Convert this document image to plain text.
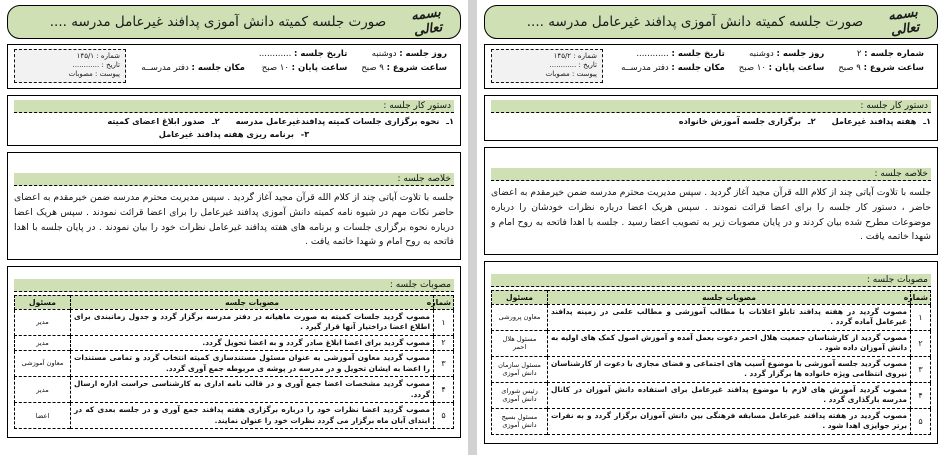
بسمه تعالی
صورت جلسه کمیته دانش آموزی پدافند غیرعامل مدرسه ....
شماره جلسه : ۲
ساعت شروع : ۹ صبح
روز جلسه : دوشنبه
ساعت پایان : ۱۰ صبح
تاریخ جلسه : ............
مکان جلسه : دفتر مدرســه
شماره : ۱۴۵/۲
تاریخ : ............
پیوست : مصوبات
دستور کار جلسه :
۱ـ هفته پدافند غیرعامل
۲ـ برگزاری جلسه آموزش خانواده
خلاصه جلسه :
جلسه با تلاوت آیاتی چند از کلام الله قرآن مجید آغاز گردید . سپس مدیریت محترم مدرسه ضمن خیرمقدم به اعضای حاضر ، دستور کار جلسه را برای اعضا قرائت نمودند . سپس هریک اعضا درباره نظرات خودشان را درباره موضوعات مطرح شده بیان کردند و در پایان مصوبات زیر به تصویب اعضا رسید . جلسه با اهدا فاتحه به روح امام و شهدا خاتمه یافت .
مصوبات جلسه :
شماره	مصوبات جلسه	مسئول
۱	مصوب گردید در هفته پدافند تابلو اعلانات با مطالب آموزشی و مطالب علمی در زمینه پدافند غیرعامل آماده گردد .	معاون پرورشی
۲	مصوب گردید از کارشناسان جمعیت هلال احمر دعوت بعمل آمده و آموزش اصول کمک های اولیه به دانش آموزان داده شود .	مسئول هلال احمر
۳	مصوب گردید جلسه آموزشی با موضوع آسیب های اجتماعی و فضای مجازی با دعوت از کارشناسان نیروی انتظامی ویژه خانواده ها برگزار گردد .	مسئول سازمان دانش آموزی
۴	مصوب گردید آموزش های لازم با موضوع پدافند غیرعامل برای استفاده دانش آموزان در کانال مدرسه بارگذاری گردد .	رئیس شورای دانش آموزی
۵	مصوب گردید در هفته پدافند غیرعامل مسابقه فرهنگی بین دانش آموزان برگزار گردد و به نفرات برتر جوایزی اهدا شود .	مسئول بسیج دانش آموزی
بسمه تعالی
صورت جلسه کمیته دانش آموزی پدافند غیرعامل مدرسه ....
روز جلسه : دوشنبه
ساعت شروع : ۹ صبح
تاریخ جلسه : ............
ساعت پایان : ۱۰ صبح

مکان جلسه : دفتر مدرســه
شماره : ۱۴۵/۱
تاریخ : ............
پیوست : مصوبات
دستور کار جلسه :
۱ـ نحوه برگزاری جلسات کمیته پدافندغیرعامل مدرسه
۲ـ صدور ابلاغ اعضای کمیته
۳- برنامه ریزی هفته پدافند غیرعامل
خلاصه جلسه :
جلسه با تلاوت آیاتی چند از کلام الله قرآن مجید آغاز گردید . سپس مدیریت محترم مدرسه ضمن خیرمقدم به اعضای حاضر نکات مهم در شیوه نامه کمیته دانش آموزی پدافند غیرعامل را برای اعضا قرائت نمودند . سپس هریک اعضا درباره نحوه برگزاری جلسات و برنامه های هفته پدافند غیرعامل نظرات خود را بیان نمودند . در پایان جلسه با اهدا فاتحه به روح امام و شهدا خاتمه یافت .
مصوبات جلسه :
شماره	مصوبات جلسه	مسئول
۱	مصوب گردید جلسات کمیته به صورت ماهیانه در دفتر مدرسه برگزار گردد و جدول زمانبندی برای اطلاع اعضا دراختیار آنها قرار گیرد .	مدیر
۲	مصوب گردید برای اعضا ابلاغ صادر گردد و به اعضا تحویل گردد.	مدیر
۳	مصوب گردید معاون آموزشی به عنوان مسئول مستندسازی کمیته انتخاب گردد و تمامی مستندات را اعضا به ایشان تحویل و در مدرسه در پوشه ی مربوطه جمع آوری گردد.	معاون آموزشی
۴	مصوب گردید مشخصات اعضا جمع آوری و در قالب نامه اداری به کارشناسی حراست اداره ارسال گردد.	مدیر
۵	مصوب گردید اعضا نظرات خود را درباره برگزاری هفته پدافند جمع آوری و در جلسه بعدی که در ابتدای آبان ماه برگزار می گردد نظرات خود را عنوان نمایند.	اعضا
